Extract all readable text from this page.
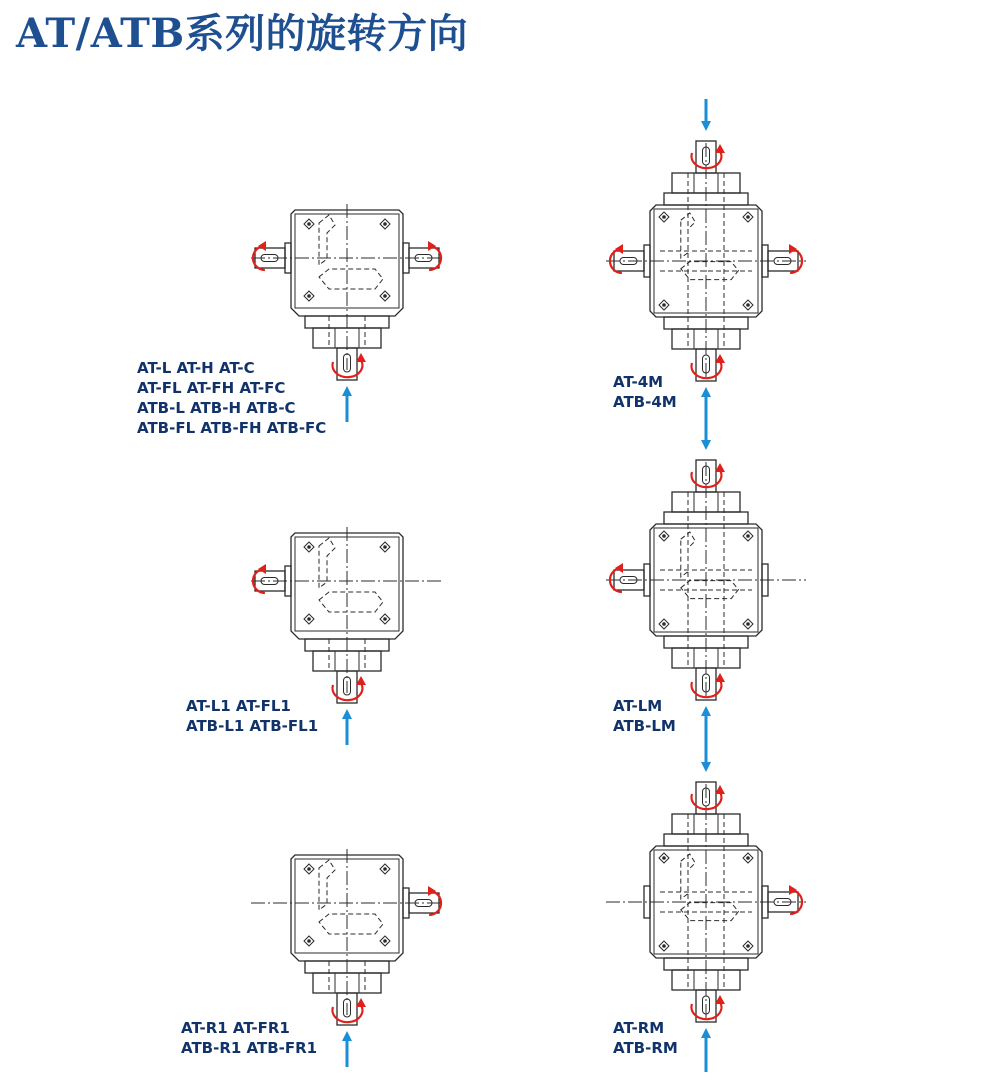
AT/ATB系列的旋转方向
AT-L AT-H AT-C
AT-FL AT-FH AT-FC
ATB-L ATB-H ATB-C
ATB-FL ATB-FH ATB-FC
AT-4M
ATB-4M
AT-L1 AT-FL1
ATB-L1 ATB-FL1
AT-LM
ATB-LM
AT-R1 AT-FR1
ATB-R1 ATB-FR1
AT-RM
ATB-RM
